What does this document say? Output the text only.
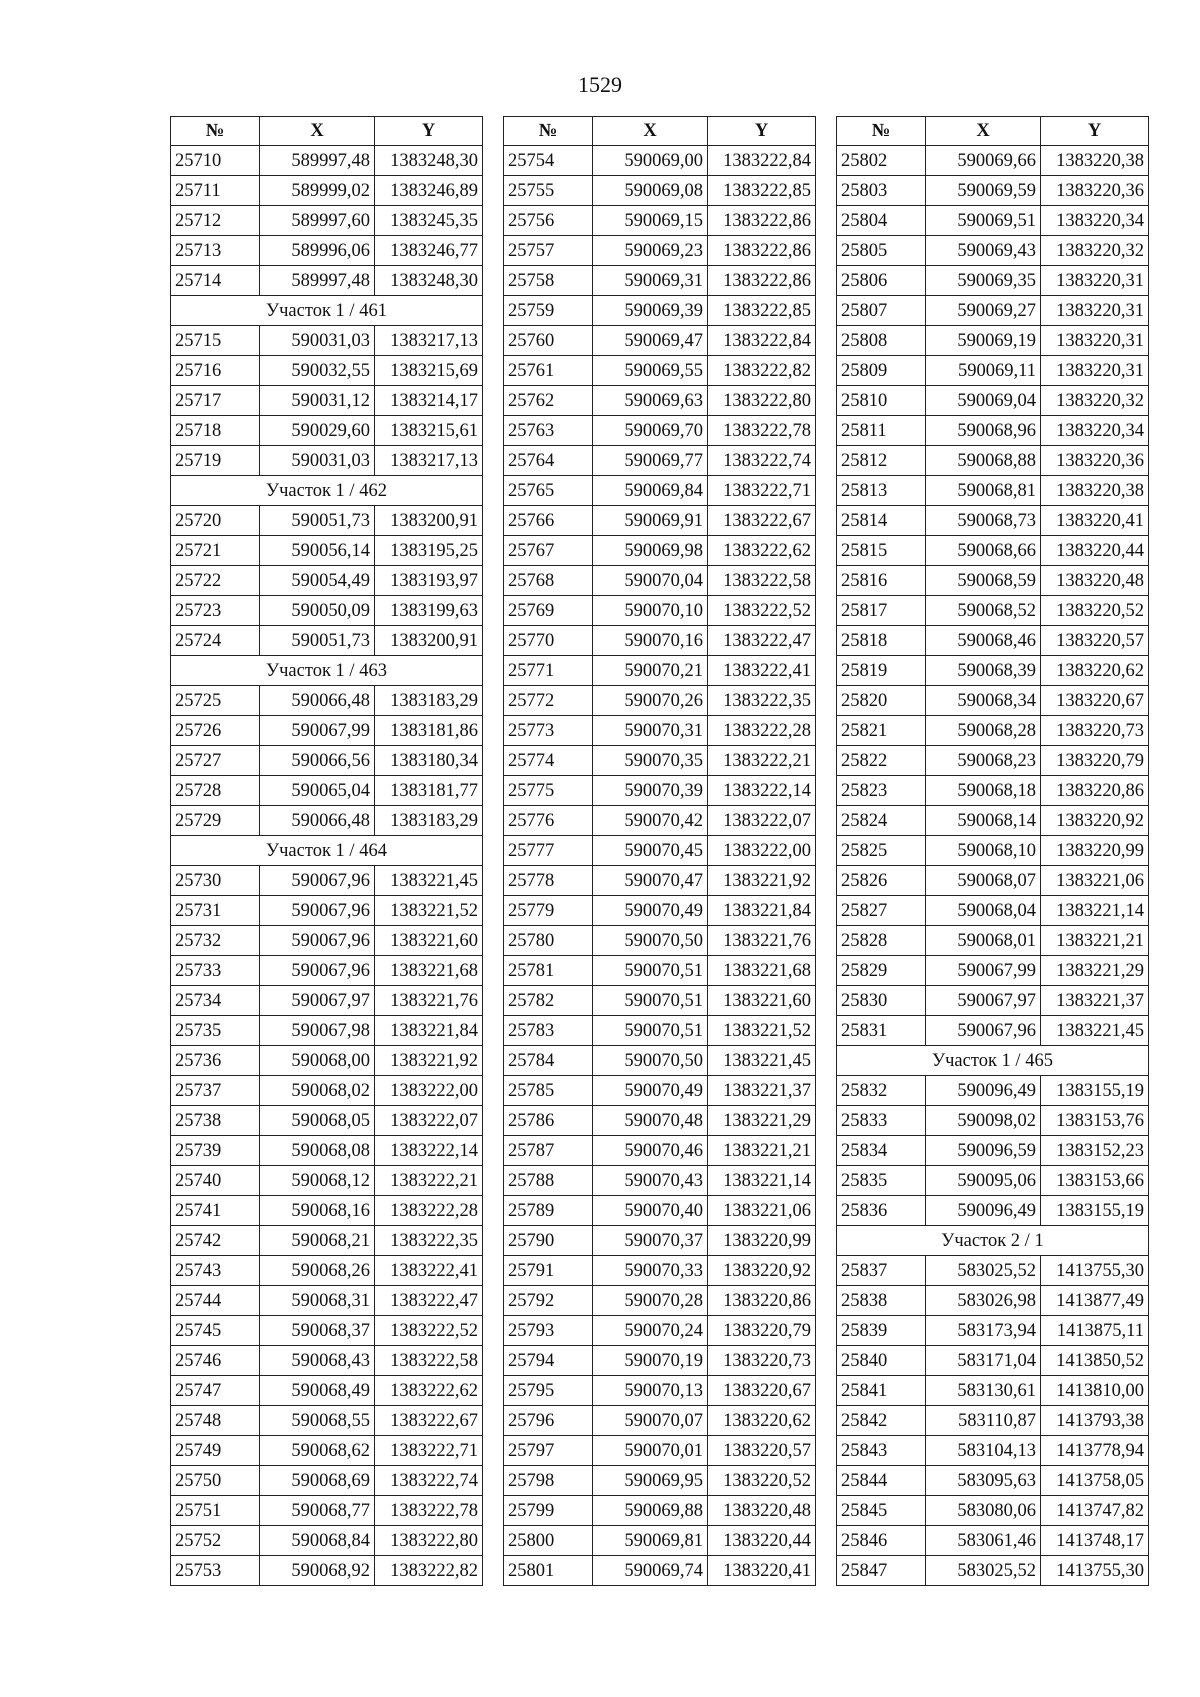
1529
№	X	Y
25710	589997,48	1383248,30
25711	589999,02	1383246,89
25712	589997,60	1383245,35
25713	589996,06	1383246,77
25714	589997,48	1383248,30
Участок 1 / 461		
25715	590031,03	1383217,13
25716	590032,55	1383215,69
25717	590031,12	1383214,17
25718	590029,60	1383215,61
25719	590031,03	1383217,13
Участок 1 / 462		
25720	590051,73	1383200,91
25721	590056,14	1383195,25
25722	590054,49	1383193,97
25723	590050,09	1383199,63
25724	590051,73	1383200,91
Участок 1 / 463		
25725	590066,48	1383183,29
25726	590067,99	1383181,86
25727	590066,56	1383180,34
25728	590065,04	1383181,77
25729	590066,48	1383183,29
Участок 1 / 464		
25730	590067,96	1383221,45
25731	590067,96	1383221,52
25732	590067,96	1383221,60
25733	590067,96	1383221,68
25734	590067,97	1383221,76
25735	590067,98	1383221,84
25736	590068,00	1383221,92
25737	590068,02	1383222,00
25738	590068,05	1383222,07
25739	590068,08	1383222,14
25740	590068,12	1383222,21
25741	590068,16	1383222,28
25742	590068,21	1383222,35
25743	590068,26	1383222,41
25744	590068,31	1383222,47
25745	590068,37	1383222,52
25746	590068,43	1383222,58
25747	590068,49	1383222,62
25748	590068,55	1383222,67
25749	590068,62	1383222,71
25750	590068,69	1383222,74
25751	590068,77	1383222,78
25752	590068,84	1383222,80
25753	590068,92	1383222,82
№	X	Y
25754	590069,00	1383222,84
25755	590069,08	1383222,85
25756	590069,15	1383222,86
25757	590069,23	1383222,86
25758	590069,31	1383222,86
25759	590069,39	1383222,85
25760	590069,47	1383222,84
25761	590069,55	1383222,82
25762	590069,63	1383222,80
25763	590069,70	1383222,78
25764	590069,77	1383222,74
25765	590069,84	1383222,71
25766	590069,91	1383222,67
25767	590069,98	1383222,62
25768	590070,04	1383222,58
25769	590070,10	1383222,52
25770	590070,16	1383222,47
25771	590070,21	1383222,41
25772	590070,26	1383222,35
25773	590070,31	1383222,28
25774	590070,35	1383222,21
25775	590070,39	1383222,14
25776	590070,42	1383222,07
25777	590070,45	1383222,00
25778	590070,47	1383221,92
25779	590070,49	1383221,84
25780	590070,50	1383221,76
25781	590070,51	1383221,68
25782	590070,51	1383221,60
25783	590070,51	1383221,52
25784	590070,50	1383221,45
25785	590070,49	1383221,37
25786	590070,48	1383221,29
25787	590070,46	1383221,21
25788	590070,43	1383221,14
25789	590070,40	1383221,06
25790	590070,37	1383220,99
25791	590070,33	1383220,92
25792	590070,28	1383220,86
25793	590070,24	1383220,79
25794	590070,19	1383220,73
25795	590070,13	1383220,67
25796	590070,07	1383220,62
25797	590070,01	1383220,57
25798	590069,95	1383220,52
25799	590069,88	1383220,48
25800	590069,81	1383220,44
25801	590069,74	1383220,41
№	X	Y
25802	590069,66	1383220,38
25803	590069,59	1383220,36
25804	590069,51	1383220,34
25805	590069,43	1383220,32
25806	590069,35	1383220,31
25807	590069,27	1383220,31
25808	590069,19	1383220,31
25809	590069,11	1383220,31
25810	590069,04	1383220,32
25811	590068,96	1383220,34
25812	590068,88	1383220,36
25813	590068,81	1383220,38
25814	590068,73	1383220,41
25815	590068,66	1383220,44
25816	590068,59	1383220,48
25817	590068,52	1383220,52
25818	590068,46	1383220,57
25819	590068,39	1383220,62
25820	590068,34	1383220,67
25821	590068,28	1383220,73
25822	590068,23	1383220,79
25823	590068,18	1383220,86
25824	590068,14	1383220,92
25825	590068,10	1383220,99
25826	590068,07	1383221,06
25827	590068,04	1383221,14
25828	590068,01	1383221,21
25829	590067,99	1383221,29
25830	590067,97	1383221,37
25831	590067,96	1383221,45
Участок 1 / 465		
25832	590096,49	1383155,19
25833	590098,02	1383153,76
25834	590096,59	1383152,23
25835	590095,06	1383153,66
25836	590096,49	1383155,19
Участок 2 / 1		
25837	583025,52	1413755,30
25838	583026,98	1413877,49
25839	583173,94	1413875,11
25840	583171,04	1413850,52
25841	583130,61	1413810,00
25842	583110,87	1413793,38
25843	583104,13	1413778,94
25844	583095,63	1413758,05
25845	583080,06	1413747,82
25846	583061,46	1413748,17
25847	583025,52	1413755,30
